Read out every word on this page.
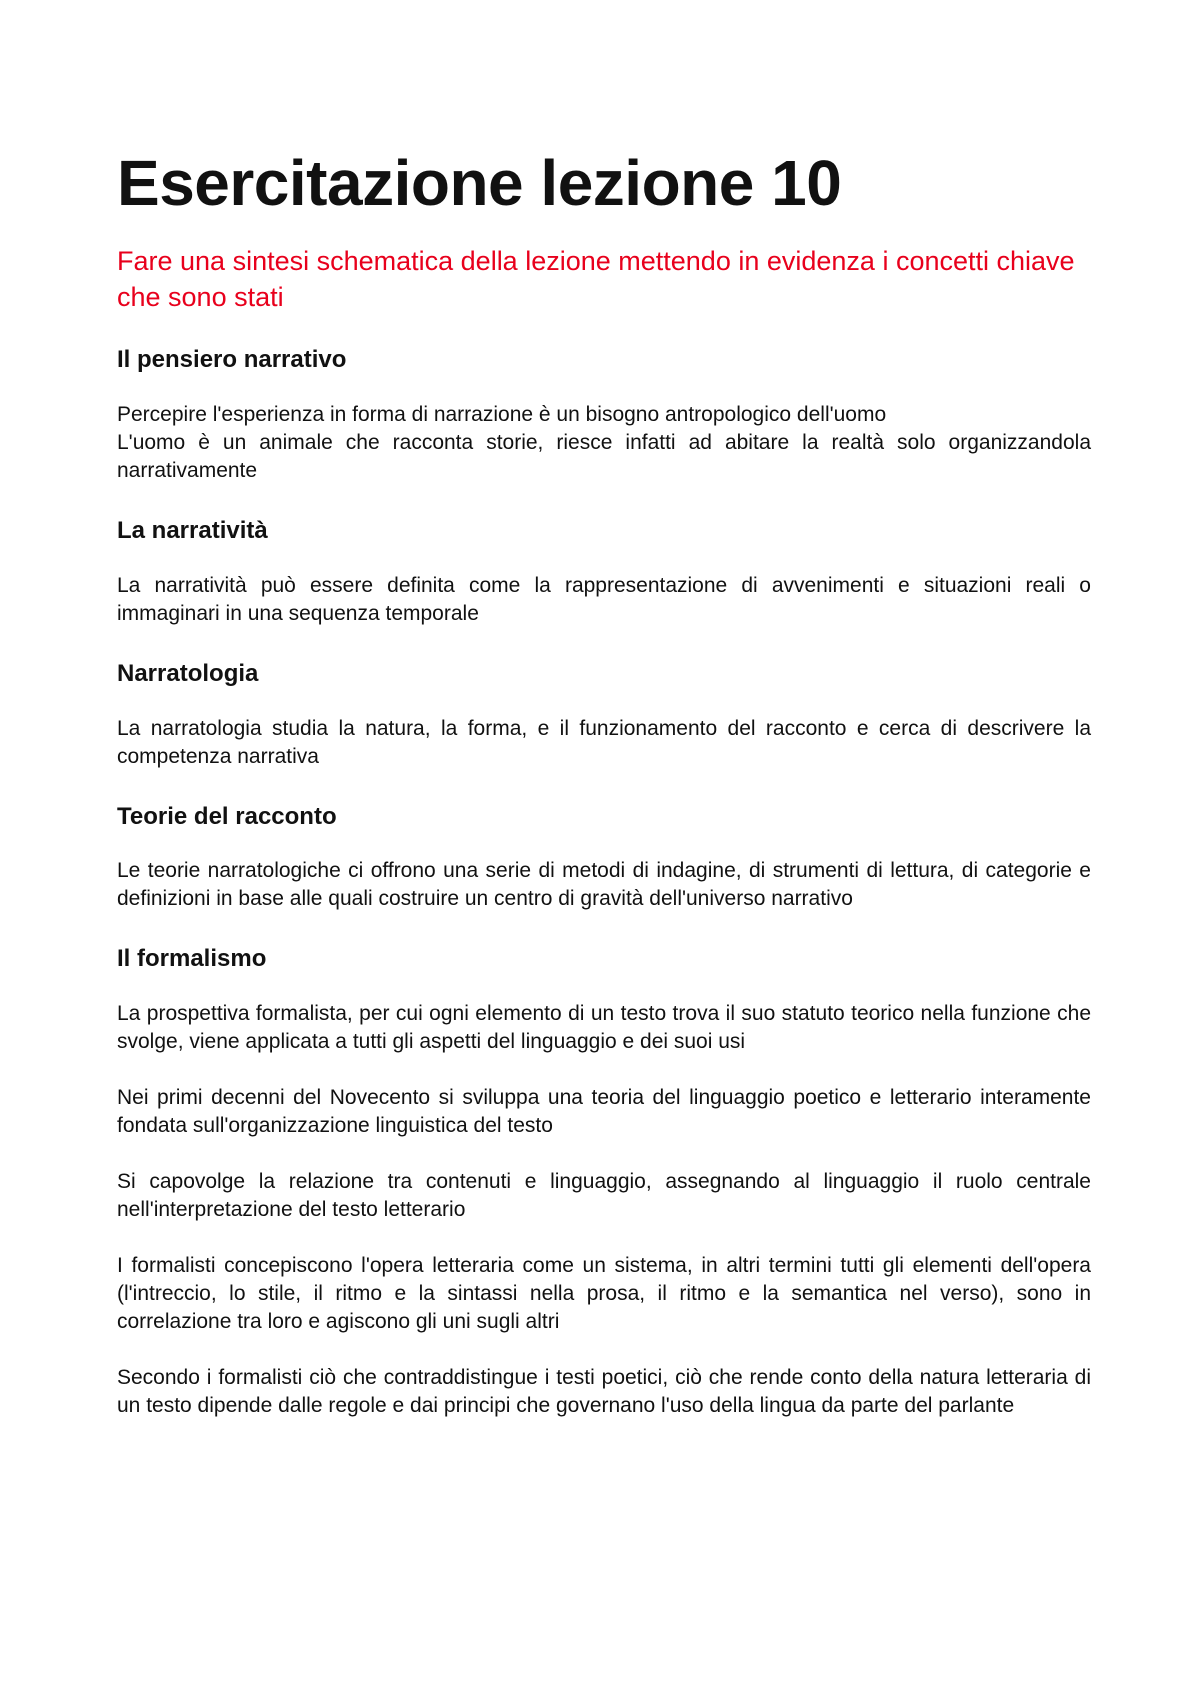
Esercitazione lezione 10

Fare una sintesi schematica della lezione mettendo in evidenza i concetti chiave che sono stati

Il pensiero narrativo

Percepire l'esperienza in forma di narrazione è un bisogno antropologico dell'uomo

L'uomo è un animale che racconta storie, riesce infatti ad abitare la realtà solo organizzandola narrativamente

La narratività

La narratività può essere definita come la rappresentazione di avvenimenti e situazioni reali o immaginari in una sequenza temporale

Narratologia

La narratologia studia la natura, la forma, e il funzionamento del racconto e cerca di descrivere la competenza narrativa

Teorie del racconto

Le teorie narratologiche ci offrono una serie di metodi di indagine, di strumenti di lettura, di categorie e definizioni in base alle quali costruire un centro di gravità dell'universo narrativo

Il formalismo

La prospettiva formalista, per cui ogni elemento di un testo trova il suo statuto teorico nella funzione che svolge, viene applicata a tutti gli aspetti del linguaggio e dei suoi usi

Nei primi decenni del Novecento si sviluppa una teoria del linguaggio poetico e letterario interamente fondata sull'organizzazione linguistica del testo

Si capovolge la relazione tra contenuti e linguaggio, assegnando al linguaggio il ruolo centrale nell'interpretazione del testo letterario

I formalisti concepiscono l'opera letteraria come un sistema, in altri termini tutti gli elementi dell'opera (l'intreccio, lo stile, il ritmo e la sintassi nella prosa, il ritmo e la semantica nel verso), sono in correlazione tra loro e agiscono gli uni sugli altri

Secondo i formalisti ciò che contraddistingue i testi poetici, ciò che rende conto della natura letteraria di un testo dipende dalle regole e dai principi che governano l'uso della lingua da parte del parlante
